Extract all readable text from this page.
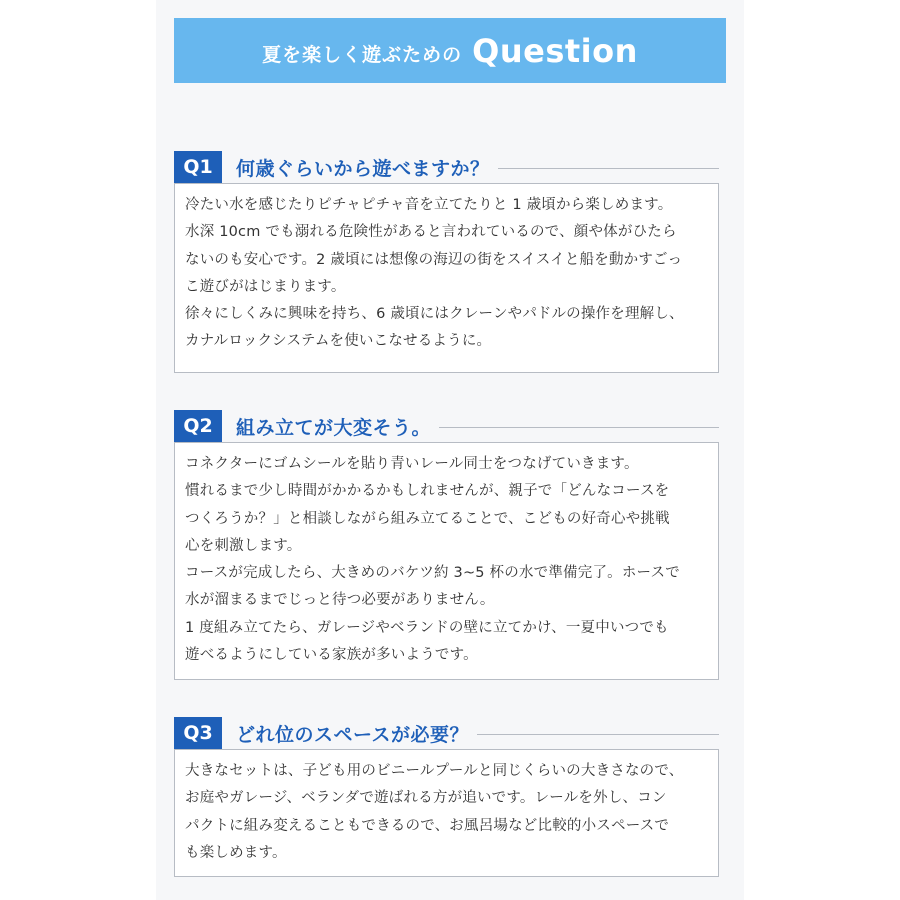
夏を楽しく遊ぶための Question
Q1	何歳ぐらいから遊べますか？

冷たい水を感じたりピチャピチャ音を立てたりと 1 歳頃から楽しめます。

水深 10cm でも溺れる危険性があると言われているので、顔や体がひたら

ないのも安心です。2 歳頃には想像の海辺の街をスイスイと船を動かすごっ

こ遊びがはじまります。

徐々にしくみに興味を持ち、6 歳頃にはクレーンやパドルの操作を理解し、

カナルロックシステムを使いこなせるように。

Q2	組み立てが大変そう。

コネクターにゴムシールを貼り青いレール同士をつなげていきます。

慣れるまで少し時間がかかるかもしれませんが、親子で「どんなコースを

つくろうか？」と相談しながら組み立てることで、こどもの好奇心や挑戦

心を刺激します。

コースが完成したら、大きめのバケツ約 3~5 杯の水で準備完了。ホースで

水が溜まるまでじっと待つ必要がありません。

1 度組み立てたら、ガレージやベランドの壁に立てかけ、一夏中いつでも

遊べるようにしている家族が多いようです。

Q3	どれ位のスペースが必要？

大きなセットは、子ども用のビニールプールと同じくらいの大きさなので、

お庭やガレージ、ベランダで遊ばれる方が追いです。レールを外し、コン

パクトに組み変えることもできるので、お風呂場など比較的小スペースで

も楽しめます。
